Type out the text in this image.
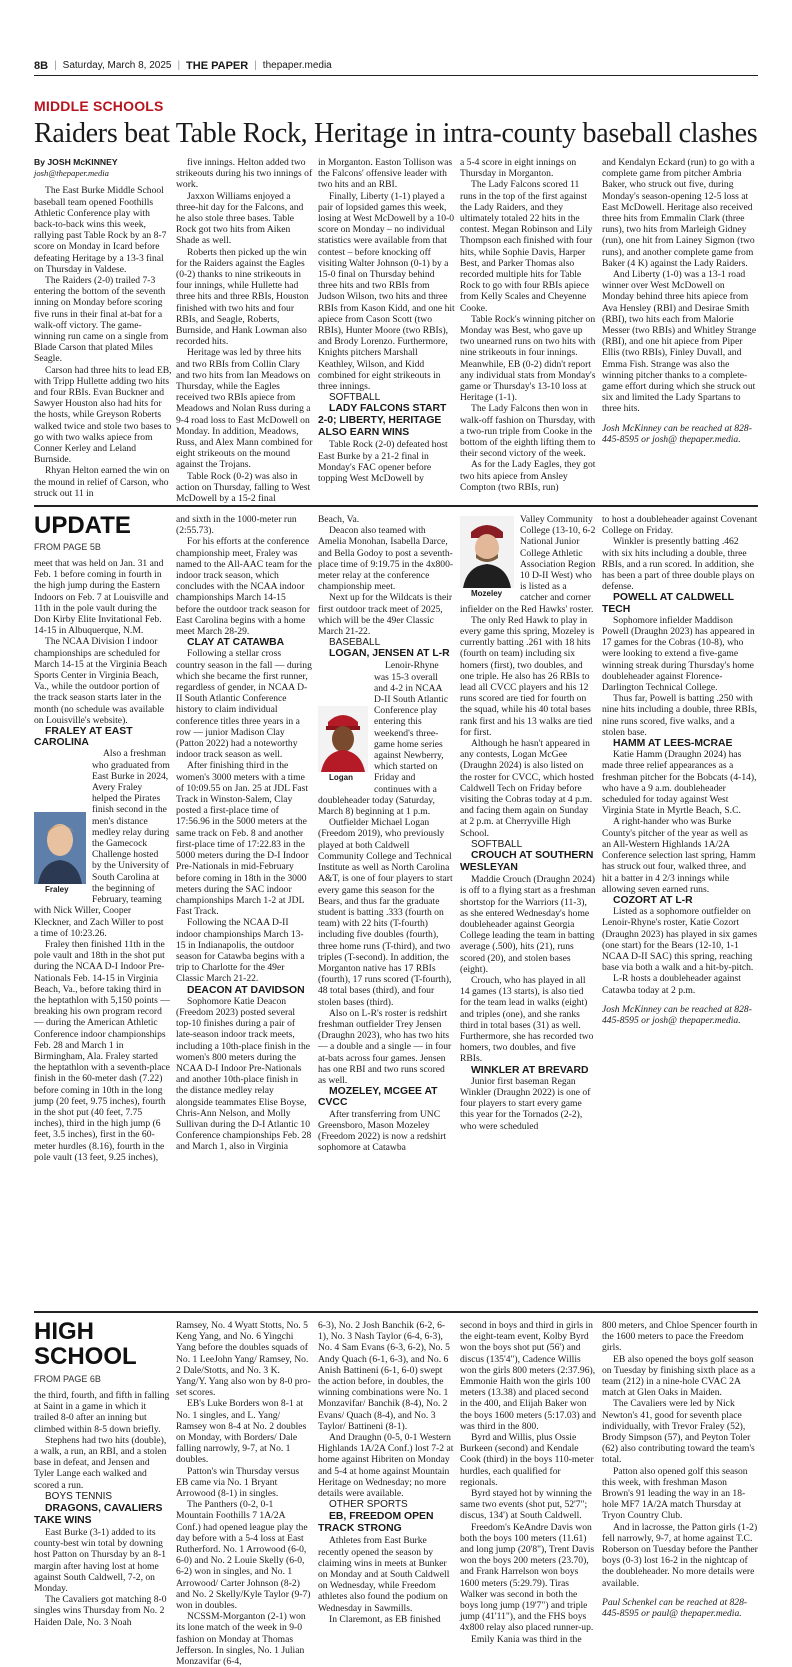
8B | Saturday, March 8, 2025 | THE PAPER | thepaper.media
MIDDLE SCHOOLS
Raiders beat Table Rock, Heritage in intra-county baseball clashes

By JOSH McKINNEY

josh@thepaper.media

The East Burke Middle School baseball team opened Foothills Athletic Conference play with back-to-back wins this week, rallying past Table Rock by an 8-7 score on Monday in Icard before defeating Heritage by a 13-3 final on Thursday in Valdese.

The Raiders (2-0) trailed 7-3 entering the bottom of the seventh inning on Monday before scoring five runs in their final at-bat for a walk-off victory. The game-winning run came on a single from Blade Carson that plated Miles Seagle.

Carson had three hits to lead EB, with Tripp Hullette adding two hits and four RBIs. Evan Buckner and Sawyer Houston also had hits for the hosts, while Greyson Roberts walked twice and stole two bases to go with two walks apiece from Conner Kerley and Leland Burnside.

Rhyan Helton earned the win on the mound in relief of Carson, who struck out 11 in

five innings. Helton added two strikeouts during his two innings of work.

Jaxxon Williams enjoyed a three-hit day for the Falcons, and he also stole three bases. Table Rock got two hits from Aiken Shade as well.

Roberts then picked up the win for the Raiders against the Eagles (0-2) thanks to nine strikeouts in four innings, while Hullette had three hits and three RBIs, Houston finished with two hits and four RBIs, and Seagle, Roberts, Burnside, and Hank Lowman also recorded hits.

Heritage was led by three hits and two RBIs from Collin Clary and two hits from Ian Meadows on Thursday, while the Eagles received two RBIs apiece from Meadows and Nolan Russ during a 9-4 road loss to East McDowell on Monday. In addition, Meadows, Russ, and Alex Mann combined for eight strikeouts on the mound against the Trojans.

Table Rock (0-2) was also in action on Thursday, falling to West McDowell by a 15-2 final

in Morganton. Easton Tollison was the Falcons' offensive leader with two hits and an RBI.

Finally, Liberty (1-1) played a pair of lopsided games this week, losing at West McDowell by a 10-0 score on Monday – no individual statistics were available from that contest – before knocking off visiting Walter Johnson (0-1) by a 15-0 final on Thursday behind three hits and two RBIs from Judson Wilson, two hits and three RBIs from Kason Kidd, and one hit apiece from Cason Scott (two RBIs), Hunter Moore (two RBIs), and Brody Lorenzo. Furthermore, Knights pitchers Marshall Keathley, Wilson, and Kidd combined for eight strikeouts in three innings.

SOFTBALL

LADY FALCONS START 2-0; LIBERTY, HERITAGE ALSO EARN WINS

Table Rock (2-0) defeated host East Burke by a 21-2 final in Monday's FAC opener before topping West McDowell by

a 5-4 score in eight innings on Thursday in Morganton.

The Lady Falcons scored 11 runs in the top of the first against the Lady Raiders, and they ultimately totaled 22 hits in the contest. Megan Robinson and Lily Thompson each finished with four hits, while Sophie Davis, Harper Best, and Parker Thomas also recorded multiple hits for Table Rock to go with four RBIs apiece from Kelly Scales and Cheyenne Cooke.

Table Rock's winning pitcher on Monday was Best, who gave up two unearned runs on two hits with nine strikeouts in four innings. Meanwhile, EB (0-2) didn't report any individual stats from Monday's game or Thursday's 13-10 loss at Heritage (1-1).

The Lady Falcons then won in walk-off fashion on Thursday, with a two-run triple from Cooke in the bottom of the eighth lifting them to their second victory of the week.

As for the Lady Eagles, they got two hits apiece from Ansley Compton (two RBIs, run)

and Kendalyn Eckard (run) to go with a complete game from pitcher Ambria Baker, who struck out five, during Monday's season-opening 12-5 loss at East McDowell. Heritage also received three hits from Emmalin Clark (three runs), two hits from Marleigh Gidney (run), one hit from Lainey Sigmon (two runs), and another complete game from Baker (4 K) against the Lady Raiders.

And Liberty (1-0) was a 13-1 road winner over West McDowell on Monday behind three hits apiece from Ava Hensley (RBI) and Desirae Smith (RBI), two hits each from Malorie Messer (two RBIs) and Whitley Strange (RBI), and one hit apiece from Piper Ellis (two RBIs), Finley Duvall, and Emma Fish. Strange was also the winning pitcher thanks to a complete-game effort during which she struck out six and limited the Lady Spartans to three hits.

Josh McKinney can be reached at 828-445-8595 or josh@ thepaper.media.

UPDATE
FROM PAGE 5B

meet that was held on Jan. 31 and Feb. 1 before coming in fourth in the high jump during the Eastern Indoors on Feb. 7 at Louisville and 11th in the pole vault during the Don Kirby Elite Invitational Feb. 14-15 in Albuquerque, N.M.

The NCAA Division I indoor championships are scheduled for March 14-15 at the Virginia Beach Sports Center in Virginia Beach, Va., while the outdoor portion of the track season starts later in the month (no schedule was available on Louisville's website).

FRALEY AT EAST CAROLINA

Fraley

Also a freshman who graduated from East Burke in 2024, Avery Fraley helped the Pirates finish second in the men's distance medley relay during the Gamecock Challenge hosted by the University of South Carolina at the beginning of February, teaming with Nick Willer, Cooper Kleckner, and Zach Willer to post a time of 10:23.26.

Fraley then finished 11th in the pole vault and 18th in the shot put during the NCAA D-I Indoor Pre-Nationals Feb. 14-15 in Virginia Beach, Va., before taking third in the heptathlon with 5,150 points — breaking his own program record — during the American Athletic Conference indoor championships Feb. 28 and March 1 in Birmingham, Ala. Fraley started the heptathlon with a seventh-place finish in the 60-meter dash (7.22) before coming in 10th in the long jump (20 feet, 9.75 inches), fourth in the shot put (40 feet, 7.75 inches), third in the high jump (6 feet, 3.5 inches), first in the 60-meter hurdles (8.16), fourth in the pole vault (13 feet, 9.25 inches),

and sixth in the 1000-meter run (2:55.73).

For his efforts at the conference championship meet, Fraley was named to the All-AAC team for the indoor track season, which concludes with the NCAA indoor championships March 14-15 before the outdoor track season for East Carolina begins with a home meet March 28-29.

CLAY AT CATAWBA

Following a stellar cross country season in the fall — during which she became the first runner, regardless of gender, in NCAA D-II South Atlantic Conference history to claim individual conference titles three years in a row — junior Madison Clay (Patton 2022) had a noteworthy indoor track season as well.

After finishing third in the women's 3000 meters with a time of 10:09.55 on Jan. 25 at JDL Fast Track in Winston-Salem, Clay posted a first-place time of 17:56.96 in the 5000 meters at the same track on Feb. 8 and another first-place time of 17:22.83 in the 5000 meters during the D-I Indoor Pre-Nationals in mid-February before coming in 18th in the 3000 meters during the SAC indoor championships March 1-2 at JDL Fast Track.

Following the NCAA D-II indoor championships March 13-15 in Indianapolis, the outdoor season for Catawba begins with a trip to Charlotte for the 49er Classic March 21-22.

DEACON AT DAVIDSON

Sophomore Katie Deacon (Freedom 2023) posted several top-10 finishes during a pair of late-season indoor track meets, including a 10th-place finish in the women's 800 meters during the NCAA D-I Indoor Pre-Nationals and another 10th-place finish in the distance medley relay alongside teammates Elise Boyse, Chris-Ann Nelson, and Molly Sullivan during the D-I Atlantic 10 Conference championships Feb. 28 and March 1, also in Virginia

Beach, Va.

Deacon also teamed with Amelia Monohan, Isabella Darce, and Bella Godoy to post a seventh-place time of 9:19.75 in the 4x800-meter relay at the conference championship meet.

Next up for the Wildcats is their first outdoor track meet of 2025, which will be the 49er Classic March 21-22.

BASEBALL

LOGAN, JENSEN AT L-R

Logan

Lenoir-Rhyne was 15-3 overall and 4-2 in NCAA D-II South Atlantic Conference play entering this weekend's three-game home series against Newberry, which started on Friday and continues with a doubleheader today (Saturday, March 8) beginning at 1 p.m.

Outfielder Michael Logan (Freedom 2019), who previously played at both Caldwell Community College and Technical Institute as well as North Carolina A&T, is one of four players to start every game this season for the Bears, and thus far the graduate student is batting .333 (fourth on team) with 22 hits (T-fourth) including five doubles (fourth), three home runs (T-third), and two triples (T-second). In addition, the Morganton native has 17 RBIs (fourth), 17 runs scored (T-fourth), 48 total bases (third), and four stolen bases (third).

Also on L-R's roster is redshirt freshman outfielder Trey Jensen (Draughn 2023), who has two hits — a double and a single — in four at-bats across four games. Jensen has one RBI and two runs scored as well.

MOZELEY, MCGEE AT CVCC

After transferring from UNC Greensboro, Mason Mozeley (Freedom 2022) is now a redshirt sophomore at Catawba

Mozeley

Valley Community College (13-10, 6-2 National Junior College Athletic Association Region 10 D-II West) who is listed as a catcher and corner infielder on the Red Hawks' roster.

The only Red Hawk to play in every game this spring, Mozeley is currently batting .261 with 18 hits (fourth on team) including six homers (first), two doubles, and one triple. He also has 26 RBIs to lead all CVCC players and his 12 runs scored are tied for fourth on the squad, while his 40 total bases rank first and his 13 walks are tied for first.

Although he hasn't appeared in any contests, Logan McGee (Draughn 2024) is also listed on the roster for CVCC, which hosted Caldwell Tech on Friday before visiting the Cobras today at 4 p.m. and facing them again on Sunday at 2 p.m. at Cherryville High School.

SOFTBALL

CROUCH AT SOUTHERN WESLEYAN

Maddie Crouch (Draughn 2024) is off to a flying start as a freshman shortstop for the Warriors (11-3), as she entered Wednesday's home doubleheader against Georgia College leading the team in batting average (.500), hits (21), runs scored (20), and stolen bases (eight).

Crouch, who has played in all 14 games (13 starts), is also tied for the team lead in walks (eight) and triples (one), and she ranks third in total bases (31) as well. Furthermore, she has recorded two homers, two doubles, and five RBIs.

WINKLER AT BREVARD

Junior first baseman Regan Winkler (Draughn 2022) is one of four players to start every game this year for the Tornados (2-2), who were scheduled

to host a doubleheader against Covenant College on Friday.

Winkler is presently batting .462 with six hits including a double, three RBIs, and a run scored. In addition, she has been a part of three double plays on defense.

POWELL AT CALDWELL TECH

Sophomore infielder Maddison Powell (Draughn 2023) has appeared in 17 games for the Cobras (10-8), who were looking to extend a five-game winning streak during Thursday's home doubleheader against Florence-Darlington Technical College.

Thus far, Powell is batting .250 with nine hits including a double, three RBIs, nine runs scored, five walks, and a stolen base.

HAMM AT LEES-MCRAE

Katie Hamm (Draughn 2024) has made three relief appearances as a freshman pitcher for the Bobcats (4-14), who have a 9 a.m. doubleheader scheduled for today against West Virginia State in Myrtle Beach, S.C.

A right-hander who was Burke County's pitcher of the year as well as an All-Western Highlands 1A/2A Conference selection last spring, Hamm has struck out four, walked three, and hit a batter in 4 2/3 innings while allowing seven earned runs.

COZORT AT L-R

Listed as a sophomore outfielder on Lenoir-Rhyne's roster, Katie Cozort (Draughn 2023) has played in six games (one start) for the Bears (12-10, 1-1 NCAA D-II SAC) this spring, reaching base via both a walk and a hit-by-pitch.

L-R hosts a doubleheader against Catawba today at 2 p.m.

Josh McKinney can be reached at 828-445-8595 or josh@ thepaper.media.

HIGH
SCHOOL
FROM PAGE 6B

the third, fourth, and fifth in falling at Saint in a game in which it trailed 8-0 after an inning but climbed within 8-5 down briefly.

Stephens had two hits (double), a walk, a run, an RBI, and a stolen base in defeat, and Jensen and Tyler Lange each walked and scored a run.

BOYS TENNIS

DRAGONS, CAVALIERS TAKE WINS

East Burke (3-1) added to its county-best win total by downing host Patton on Thursday by an 8-1 margin after having lost at home against South Caldwell, 7-2, on Monday.

The Cavaliers got matching 8-0 singles wins Thursday from No. 2 Haiden Dale, No. 3 Noah

Ramsey, No. 4 Wyatt Stotts, No. 5 Keng Yang, and No. 6 Yingchi Yang before the doubles squads of No. 1 LeeJohn Yang/ Ramsey, No. 2 Dale/Stotts, and No. 3 K. Yang/Y. Yang also won by 8-0 pro-set scores.

EB's Luke Borders won 8-1 at No. 1 singles, and L. Yang/ Ramsey won 8-4 at No. 2 doubles on Monday, with Borders/ Dale falling narrowly, 9-7, at No. 1 doubles.

Patton's win Thursday versus EB came via No. 1 Bryant Arrowood (8-1) in singles.

The Panthers (0-2, 0-1 Mountain Foothills 7 1A/2A Conf.) had opened league play the day before with a 5-4 loss at East Rutherford. No. 1 Arrowood (6-0, 6-0) and No. 2 Louie Skelly (6-0, 6-2) won in singles, and No. 1 Arrowood/ Carter Johnson (8-2) and No. 2 Skelly/Kyle Taylor (9-7) won in doubles.

NCSSM-Morganton (2-1) won its lone match of the week in 9-0 fashion on Monday at Thomas Jefferson. In singles, No. 1 Julian Monzavifar (6-4,

6-3), No. 2 Josh Banchik (6-2, 6-1), No. 3 Nash Taylor (6-4, 6-3), No. 4 Sam Evans (6-3, 6-2), No. 5 Andy Quach (6-1, 6-3), and No. 6 Anish Battineni (6-1, 6-0) swept the action before, in doubles, the winning combinations were No. 1 Monzavifar/ Banchik (8-4), No. 2 Evans/ Quach (8-4), and No. 3 Taylor/ Battineni (8-1).

And Draughn (0-5, 0-1 Western Highlands 1A/2A Conf.) lost 7-2 at home against Hibriten on Monday and 5-4 at home against Mountain Heritage on Wednesday; no more details were available.

OTHER SPORTS

EB, FREEDOM OPEN TRACK STRONG

Athletes from East Burke recently opened the season by claiming wins in meets at Bunker on Monday and at South Caldwell on Wednesday, while Freedom athletes also found the podium on Wednesday in Sawmills.

In Claremont, as EB finished

second in boys and third in girls in the eight-team event, Kolby Byrd won the boys shot put (56') and discus (135'4"), Cadence Willis won the girls 800 meters (2:37.96), Emmonie Haith won the girls 100 meters (13.38) and placed second in the 400, and Elijah Baker won the boys 1600 meters (5:17.03) and was third in the 800.

Byrd and Willis, plus Ossie Burkeen (second) and Kendale Cook (third) in the boys 110-meter hurdles, each qualified for regionals.

Byrd stayed hot by winning the same two events (shot put, 52'7"; discus, 134') at South Caldwell.

Freedom's KeAndre Davis won both the boys 100 meters (11.61) and long jump (20'8"), Trent Davis won the boys 200 meters (23.70), and Frank Harrelson won boys 1600 meters (5:29.79). Tiras Walker was second in both the boys long jump (19'7") and triple jump (41'11"), and the FHS boys 4x800 relay also placed runner-up.

Emily Kania was third in the

800 meters, and Chloe Spencer fourth in the 1600 meters to pace the Freedom girls.

EB also opened the boys golf season on Tuesday by finishing sixth place as a team (212) in a nine-hole CVAC 2A match at Glen Oaks in Maiden.

The Cavaliers were led by Nick Newton's 41, good for seventh place individually, with Trevor Fraley (52), Brody Simpson (57), and Peyton Toler (62) also contributing toward the team's total.

Patton also opened golf this season this week, with freshman Mason Brown's 91 leading the way in an 18-hole MF7 1A/2A match Thursday at Tryon Country Club.

And in lacrosse, the Patton girls (1-2) fell narrowly, 9-7, at home against T.C. Roberson on Tuesday before the Panther boys (0-3) lost 16-2 in the nightcap of the doubleheader. No more details were available.

Paul Schenkel can be reached at 828-445-8595 or paul@ thepaper.media.
